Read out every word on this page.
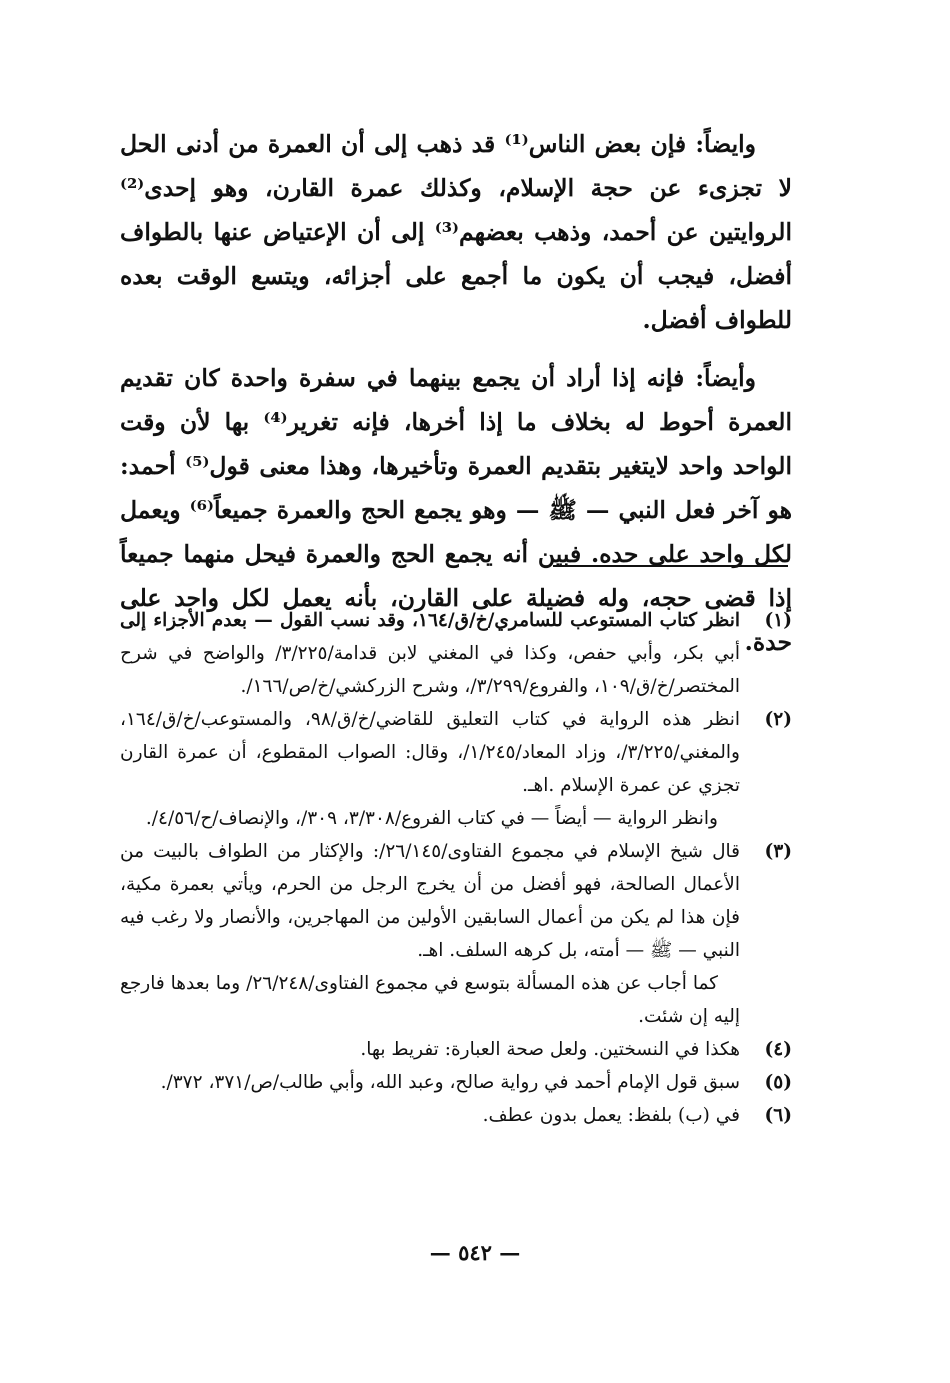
وايضاً: فإن بعض الناس⁽¹⁾ قد ذهب إلى أن العمرة من أدنى الحل لا تجزىء عن حجة الإسلام، وكذلك عمرة القارن، وهو إحدى⁽²⁾ الروايتين عن أحمد، وذهب بعضهم⁽³⁾ إلى أن الإعتياض عنها بالطواف أفضل، فيجب أن يكون ما أجمع على أجزائه، ويتسع الوقت بعده للطواف أفضل.

وأيضاً: فإنه إذا أراد أن يجمع بينهما في سفرة واحدة كان تقديم العمرة أحوط له بخلاف ما إذا أخرها، فإنه تغرير⁽⁴⁾ بها لأن وقت الواحد واحد لايتغير بتقديم العمرة وتأخيرها، وهذا معنى قول⁽⁵⁾ أحمد: هو آخر فعل النبي — ﷺ — وهو يجمع الحج والعمرة جميعاً⁽⁶⁾ ويعمل لكل واحد على حده. فبين أنه يجمع الحج والعمرة فيحل منهما جميعاً إذا قضى حجه، وله فضيلة على القارن، بأنه يعمل لكل واحد على حدة.

(١)
انظر كتاب المستوعب للسامري/خ/ق/١٦٤، وقد نسب القول — بعدم الأجزاء إلى أبي بكر، وأبي حفص، وكذا في المغني لابن قدامة/٣/٢٢٥/ والواضح في شرح المختصر/خ/ق/١٠٩، والفروع/٣/٢٩٩/، وشرح الزركشي/خ/ص/١٦٦/.
(٢)
انظر هذه الرواية في كتاب التعليق للقاضي/خ/ق/٩٨، والمستوعب/خ/ق/١٦٤، والمغني/٣/٢٢٥/، وزاد المعاد/١/٢٤٥/، وقال: الصواب المقطوع، أن عمرة القارن تجزي عن عمرة الإسلام .اهـ.
وانظر الرواية — أيضاً — في كتاب الفروع/٣/٣٠٨، ٣٠٩/، والإنصاف/ح/٤/٥٦/.
(٣)
قال شيخ الإسلام في مجموع الفتاوى/٢٦/١٤٥/: والإكثار من الطواف بالبيت من الأعمال الصالحة، فهو أفضل من أن يخرج الرجل من الحرم، ويأتي بعمرة مكية، فإن هذا لم يكن من أعمال السابقين الأولين من المهاجرين، والأنصار ولا رغب فيه النبي — ﷺ — أمته، بل كرهه السلف. اهـ.
كما أجاب عن هذه المسألة بتوسع في مجموع الفتاوى/٢٦/٢٤٨/ وما بعدها فارجع إليه إن شئت.
(٤)
هكذا في النسختين. ولعل صحة العبارة: تفريط بها.
(٥)
سبق قول الإمام أحمد في رواية صالح، وعبد الله، وأبي طالب/ص/٣٧١، ٣٧٢/.
(٦)
في (ب) بلفظ: يعمل بدون عطف.
— ٥٤٢ —
